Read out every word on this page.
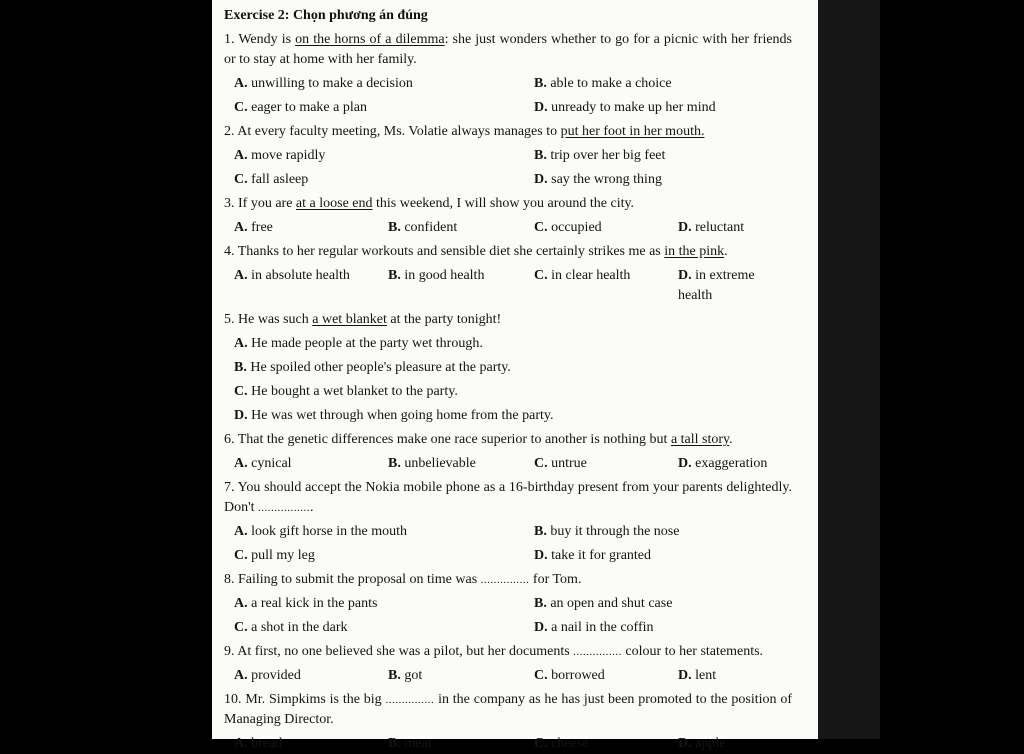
Exercise 2: Chọn phương án đúng

1. Wendy is on the horns of a dilemma: she just wonders whether to go for a picnic with her friends or to stay at home with her family.

A. unwilling to make a decision	B. able to make a choice
C. eager to make a plan	D. unready to make up her mind

2. At every faculty meeting, Ms. Volatie always manages to put her foot in her mouth.

A. move rapidly	B. trip over her big feet
C. fall asleep	D. say the wrong thing

3. If you are at a loose end this weekend, I will show you around the city.

A. free	B. confident	C. occupied	D. reluctant

4. Thanks to her regular workouts and sensible diet she certainly strikes me as in the pink.

A. in absolute health	B. in good health	C. in clear health	D. in extreme health

5. He was such a wet blanket at the party tonight!

A. He made people at the party wet through.
B. He spoiled other people's pleasure at the party.
C. He bought a wet blanket to the party.
D. He was wet through when going home from the party.

6. That the genetic differences make one race superior to another is nothing but a tall story.

A. cynical	B. unbelievable	C. untrue	D. exaggeration

7. You should accept the Nokia mobile phone as a 16-birthday present from your parents delightedly. Don't .................

A. look gift horse in the mouth	B. buy it through the nose
C. pull my leg	D. take it for granted

8. Failing to submit the proposal on time was ............... for Tom.

A. a real kick in the pants	B. an open and shut case
C. a shot in the dark	D. a nail in the coffin

9. At first, no one believed she was a pilot, but her documents ............... colour to her statements.

A. provided	B. got	C. borrowed	D. lent

10. Mr. Simpkims is the big ............... in the company as he has just been promoted to the position of Managing Director.

A. bread	B. meat	C. cheese	D. apple
